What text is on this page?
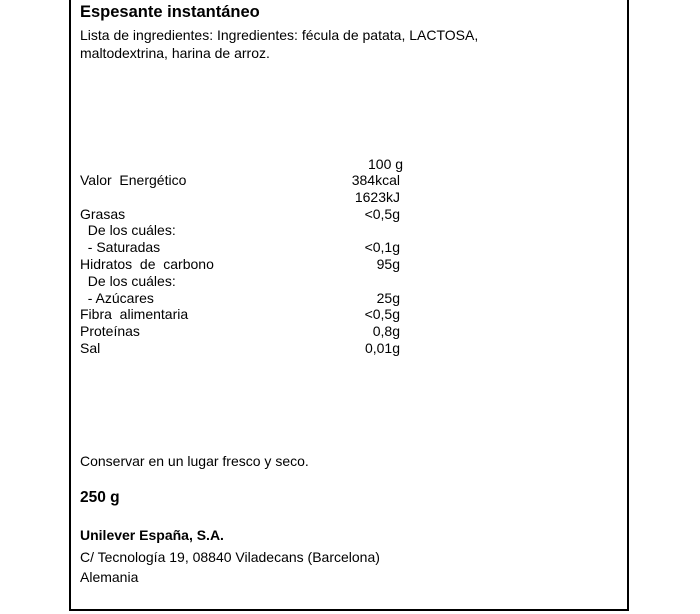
Espesante instantáneo
Lista de ingredientes: Ingredientes: fécula de patata, LACTOSA, maltodextrina, harina de arroz.
100 g
Valor  Energético	384kcal
1623kJ
Grasas	<0,5g
De los cuáles:
- Saturadas	<0,1g
Hidratos  de  carbono	95g
De los cuáles:
- Azúcares	25g
Fibra  alimentaria	<0,5g
Proteínas	0,8g
Sal	0,01g
Conservar en un lugar fresco y seco.
250 g
Unilever España, S.A.
C/ Tecnología 19, 08840 Viladecans (Barcelona)
Alemania
